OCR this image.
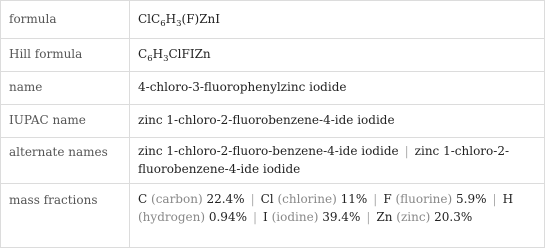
formula	$ClC_6H_3(F)ZnI$
Hill formula	$C_6H_3ClFIZn$
name	4-chloro-3-fluorophenylzinc iodide
IUPAC name	zinc 1-chloro-2-fluorobenzene-4-ide iodide
alternate names	zinc 1-chloro-2-fluoro-benzene-4-ide iodide | zinc 1-chloro-2-fluorobenzene-4-ide iodide
mass fractions	C (carbon) 22.4% | Cl (chlorine) 11% | F (fluorine) 5.9% | H (hydrogen) 0.94% | I (iodine) 39.4% | Zn (zinc) 20.3%
